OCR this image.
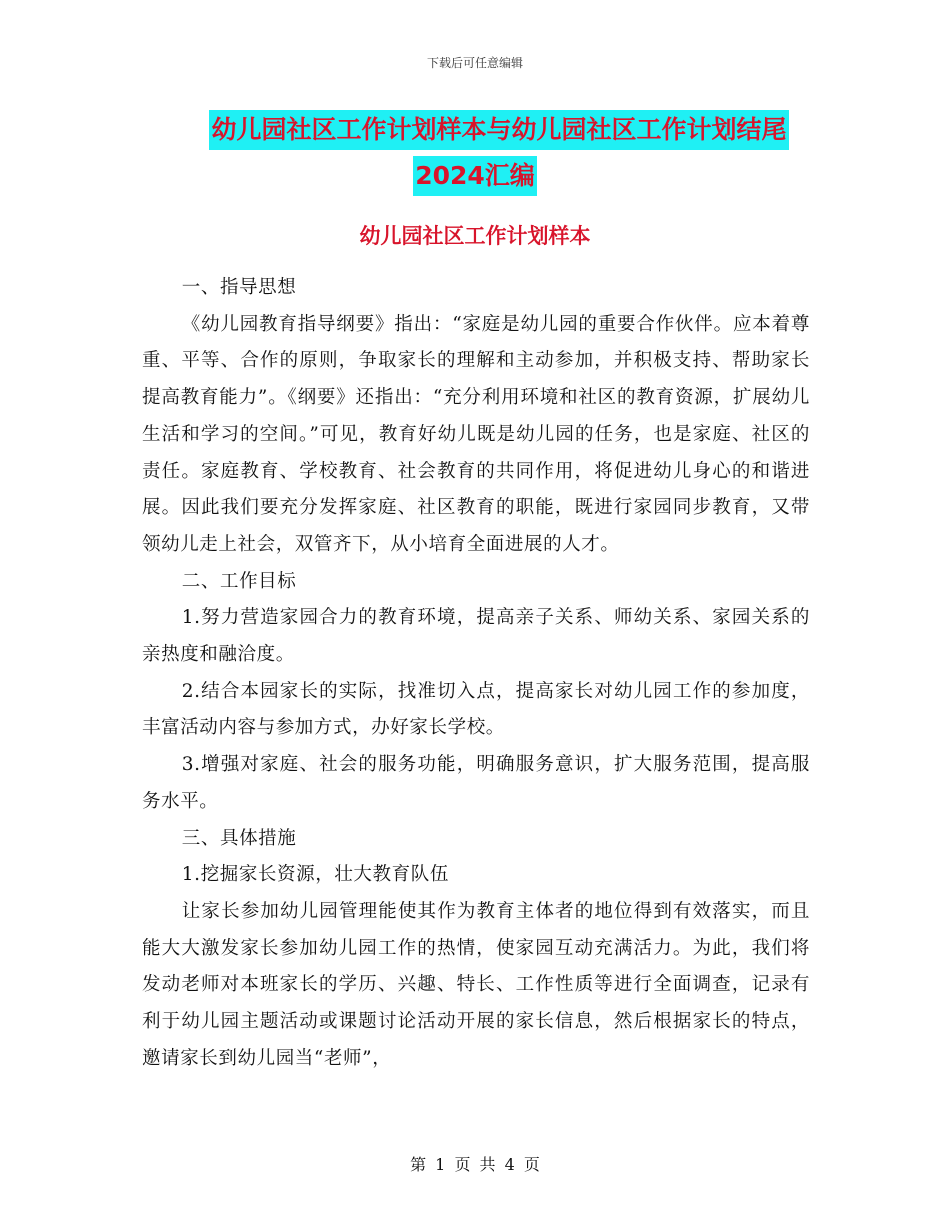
下载后可任意编辑
幼儿园社区工作计划样本与幼儿园社区工作计划结尾
2024汇编
幼儿园社区工作计划样本

一、指导思想

《幼儿园教育指导纲要》指出：“家庭是幼儿园的重要合作伙伴。应本着尊重、平等、合作的原则，争取家长的理解和主动参加，并积极支持、帮助家长提高教育能力”。《纲要》还指出：“充分利用环境和社区的教育资源，扩展幼儿生活和学习的空间。”可见，教育好幼儿既是幼儿园的任务，也是家庭、社区的责任。家庭教育、学校教育、社会教育的共同作用，将促进幼儿身心的和谐进展。因此我们要充分发挥家庭、社区教育的职能，既进行家园同步教育，又带领幼儿走上社会，双管齐下，从小培育全面进展的人才。

二、工作目标

1.努力营造家园合力的教育环境，提高亲子关系、师幼关系、家园关系的亲热度和融洽度。

2.结合本园家长的实际，找准切入点，提高家长对幼儿园工作的参加度，丰富活动内容与参加方式，办好家长学校。

3.增强对家庭、社会的服务功能，明确服务意识，扩大服务范围，提高服务水平。

三、具体措施

1.挖掘家长资源，壮大教育队伍

让家长参加幼儿园管理能使其作为教育主体者的地位得到有效落实，而且能大大激发家长参加幼儿园工作的热情，使家园互动充满活力。为此，我们将发动老师对本班家长的学历、兴趣、特长、工作性质等进行全面调查，记录有利于幼儿园主题活动或课题讨论活动开展的家长信息，然后根据家长的特点，邀请家长到幼儿园当“老师”，

第 1 页 共 4 页
